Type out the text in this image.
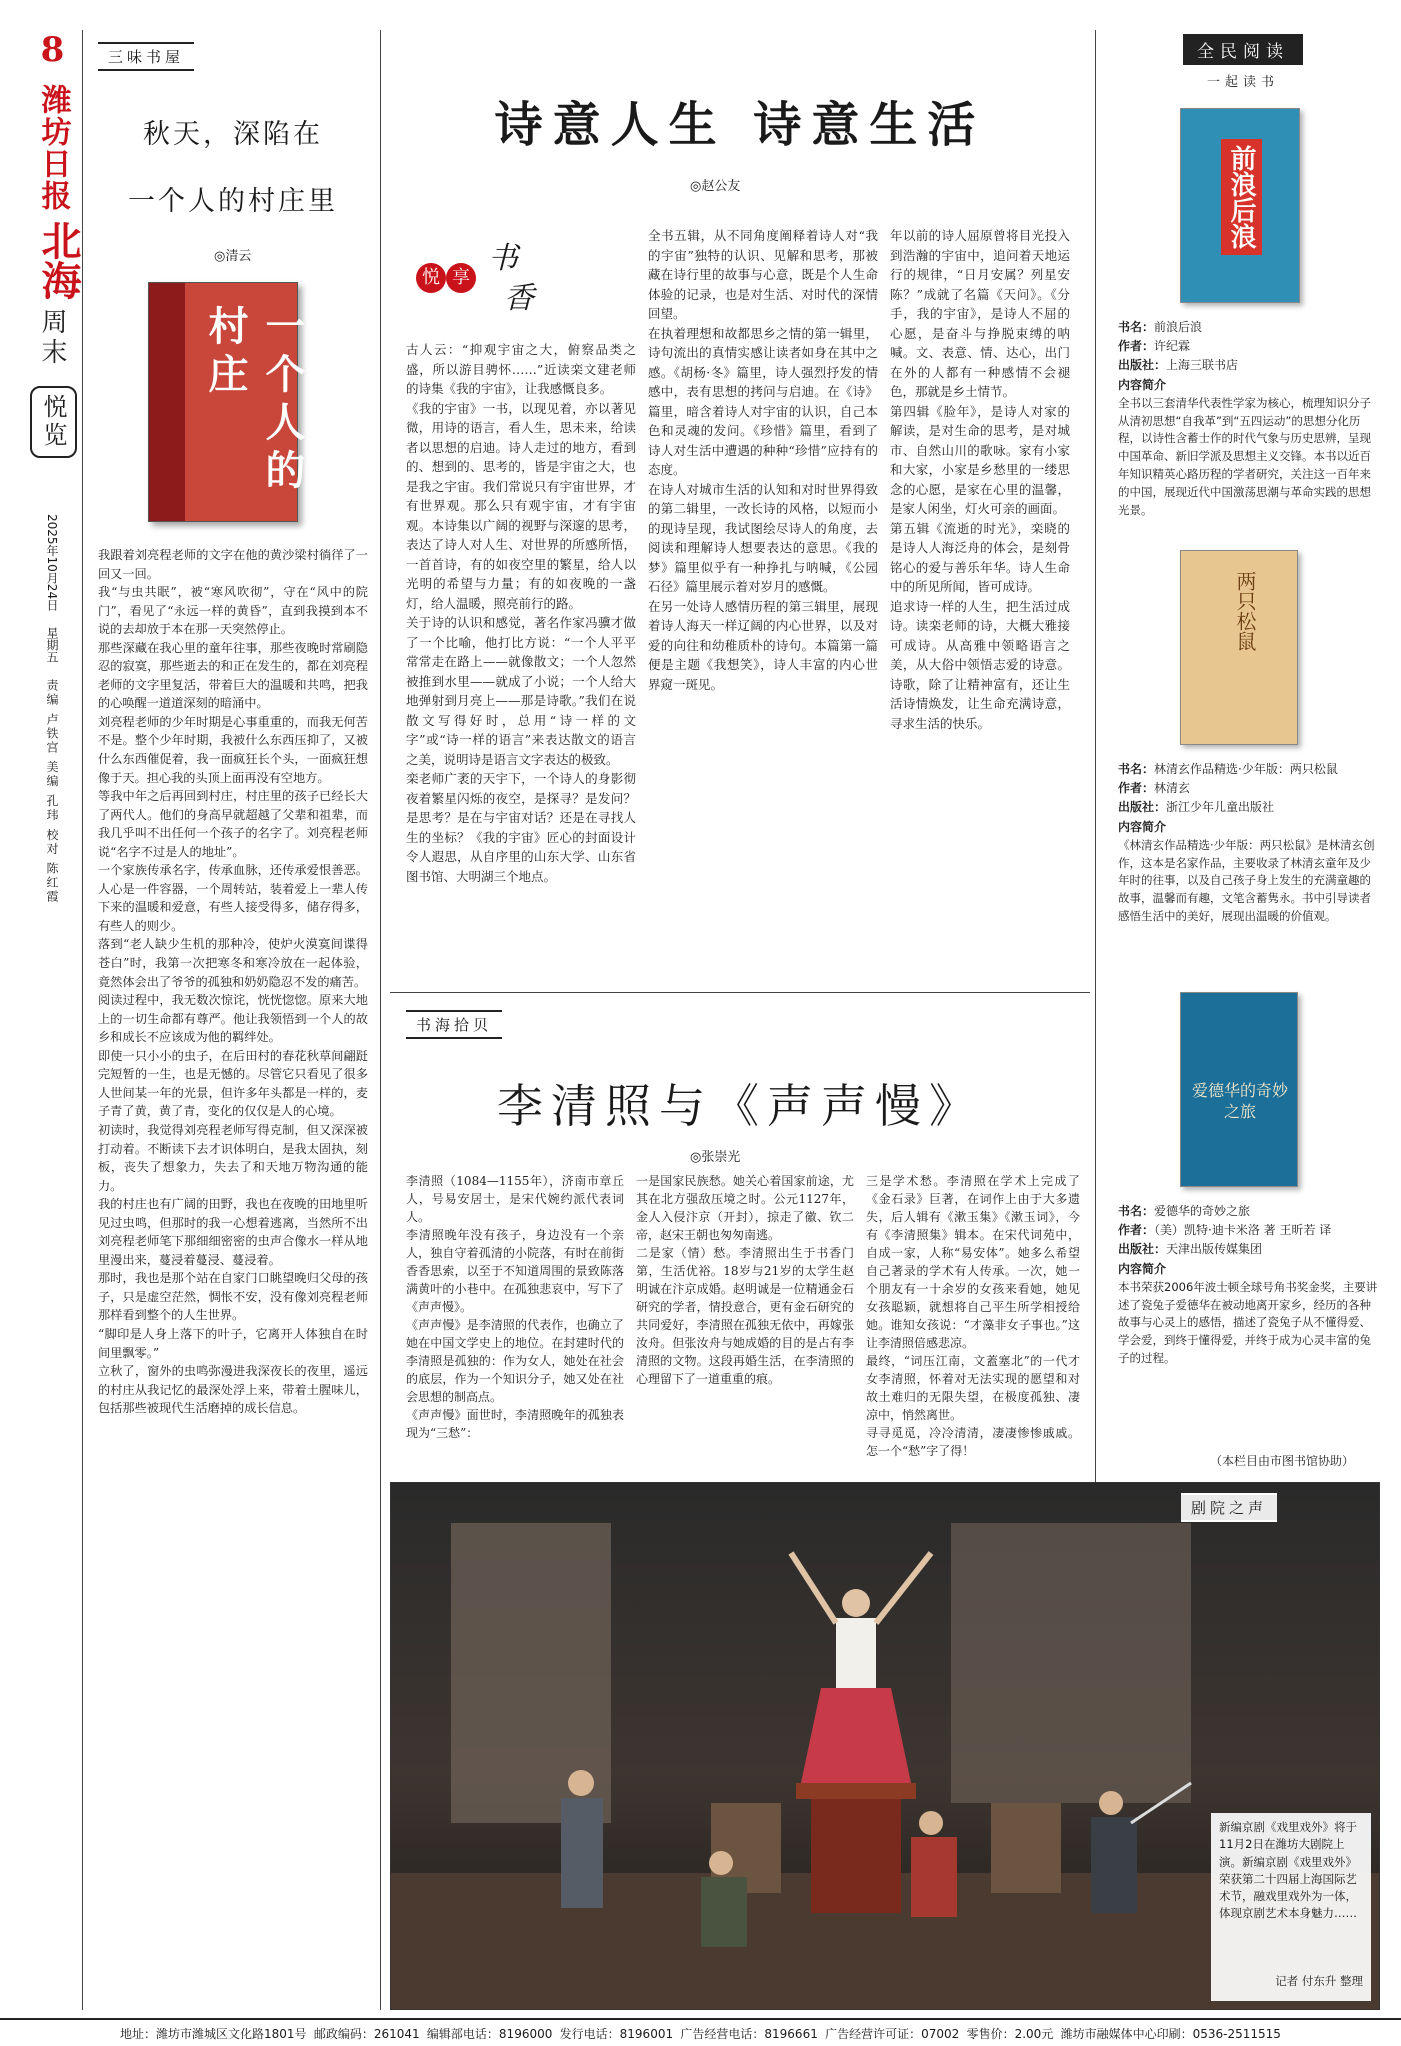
8
潍坊日报
北海
周末
悦览
2025年10月24日
星期五
责编 卢铁宫 美编 孔玮 校对 陈红霞
三味书屋
秋天，深陷在
一个人的村庄里
◎清云
一个人的村庄
我跟着刘亮程老师的文字在他的黄沙梁村徜徉了一回又一回。
我“与虫共眠”，被“寒风吹彻”，守在“风中的院门”，看见了“永远一样的黄昏”，直到我摸到本不说的去却放于本在那一天突然停止。
那些深藏在我心里的童年往事，那些夜晚时常刷隐忍的寂寞，那些逝去的和正在发生的，都在刘亮程老师的文字里复活，带着巨大的温暖和共鸣，把我的心唤醒一道道深刻的暗涌中。
刘亮程老师的少年时期是心事重重的，而我无何苦不是。整个少年时期，我被什么东西压抑了，又被什么东西催促着，我一面疯狂长个头，一面疯狂想像于天。担心我的头顶上面再没有空地方。
等我中年之后再回到村庄，村庄里的孩子已经长大了两代人。他们的身高早就超越了父辈和祖辈，而我几乎叫不出任何一个孩子的名字了。刘亮程老师说“名字不过是人的地址”。
一个家族传承名字，传承血脉，还传承爱恨善恶。人心是一件容器，一个周转站，装着爱上一辈人传下来的温暖和爱意，有些人接受得多，储存得多，有些人的则少。
落到“老人缺少生机的那种冷，使炉火漠寞间谍得苍白”时，我第一次把寒冬和寒冷放在一起体验，竟然体会出了爷爷的孤独和奶奶隐忍不发的痛苦。
阅读过程中，我无数次惊诧，恍恍惚惚。原来大地上的一切生命都有尊严。他让我领悟到一个人的故乡和成长不应该成为他的羁绊处。
即使一只小小的虫子，在后田村的春花秋草间翩跹完短暂的一生，也是无憾的。尽管它只看见了很多人世间某一年的光景，但许多年头都是一样的，麦子青了黄，黄了青，变化的仅仅是人的心境。
初读时，我觉得刘亮程老师写得克制，但又深深被打动着。不断读下去才识体明白，是我太固执，刻板，丧失了想象力，失去了和天地万物沟通的能力。
我的村庄也有广阔的田野，我也在夜晚的田地里听见过虫鸣，但那时的我一心想着逃离，当然所不出刘亮程老师笔下那细细密密的虫声合像水一样从地里漫出来，蔓浸着蔓浸、蔓浸着。
那时，我也是那个站在自家门口眺望晚归父母的孩子，只是虚空茫然，惆怅不安，没有像刘亮程老师那样看到整个的人生世界。
“脚印是人身上落下的叶子，它离开人体独自在时间里飘零。”
立秋了，窗外的虫鸣弥漫进我深夜长的夜里，遥远的村庄从我记忆的最深处浮上来，带着土腥味儿，包括那些被现代生活磨掉的成长信息。
诗意人生 诗意生活
◎赵公友
悦 享
书
香
古人云：“抑观宇宙之大，俯察品类之盛，所以游目骋怀……”近读栾文建老师的诗集《我的宇宙》，让我感慨良多。
《我的宇宙》一书，以现见着，亦以著见微，用诗的语言，看人生，思未来，给读者以思想的启迪。诗人走过的地方，看到的、想到的、思考的，皆是宇宙之大，也是我之宇宙。我们常说只有宇宙世界，才有世界观。那么只有观宇宙，才有宇宙观。本诗集以广阔的视野与深邃的思考，表达了诗人对人生、对世界的所感所悟，一首首诗，有的如夜空里的繁星，给人以光明的希望与力量；有的如夜晚的一盏灯，给人温暖，照亮前行的路。
关于诗的认识和感觉，著名作家冯骥才做了一个比喻，他打比方说：“一个人平平常常走在路上——就像散文；一个人忽然被推到水里——就成了小说；一个人给大地弹射到月亮上——那是诗歌。”我们在说散文写得好时，总用“诗一样的文字”或“诗一样的语言”来表达散文的语言之美，说明诗是语言文字表达的极致。
栾老师广袤的天宇下，一个诗人的身影彻夜着繁星闪烁的夜空，是探寻？是发问？是思考？是在与宇宙对话？还是在寻找人生的坐标？《我的宇宙》匠心的封面设计令人遐思，从自序里的山东大学、山东省图书馆、大明湖三个地点。
全书五辑，从不同角度阐释着诗人对“我的宇宙”独特的认识、见解和思考，那被藏在诗行里的故事与心意，既是个人生命体验的记录，也是对生活、对时代的深情回望。
在执着理想和故都思乡之情的第一辑里，诗句流出的真情实感让读者如身在其中之感。《胡杨·冬》篇里，诗人强烈抒发的情感中，表有思想的拷问与启迪。在《诗》篇里，暗含着诗人对宇宙的认识，自己本色和灵魂的发问。《珍惜》篇里，看到了诗人对生活中遭遇的种种“珍惜”应持有的态度。
在诗人对城市生活的认知和对时世界得致的第二辑里，一改长诗的风格，以短而小的现诗呈现，我试图绘尽诗人的角度，去阅读和理解诗人想要表达的意思。《我的梦》篇里似乎有一种挣扎与呐喊，《公园石径》篇里展示着对岁月的感慨。
在另一处诗人感情历程的第三辑里，展现着诗人海天一样辽阔的内心世界，以及对爱的向往和幼稚质朴的诗句。本篇第一篇便是主题《我想笑》，诗人丰富的内心世界窥一斑见。
年以前的诗人屈原曾将目光投入到浩瀚的宇宙中，追问着天地运行的规律，“日月安属？列星安陈？”成就了名篇《天问》。《分手，我的宇宙》，是诗人不屈的心愿，是奋斗与挣脱束缚的呐喊。文、表意、情、达心，出门在外的人都有一种感情不会褪色，那就是乡土情节。
第四辑《脸年》，是诗人对家的解读，是对生命的思考，是对城市、自然山川的歌咏。家有小家和大家，小家是乡愁里的一缕思念的心愿，是家在心里的温馨，是家人闲坐，灯火可亲的画面。
第五辑《流逝的时光》，栾晓的是诗人人海泛舟的体会，是刻骨铭心的爱与善乐年华。诗人生命中的所见所闻，皆可成诗。
追求诗一样的人生，把生活过成诗。读栾老师的诗，大概大雅接可成诗。从高雅中领略语言之美，从大俗中领悟志爱的诗意。诗歌，除了让精神富有，还让生活诗情焕发，让生命充满诗意，寻求生活的快乐。
书海拾贝
李清照与《声声慢》
◎张崇光
李清照（1084—1155年），济南市章丘人，号易安居士，是宋代婉约派代表词人。
李清照晚年没有孩子，身边没有一个亲人，独自守着孤清的小院落，有时在前街香香思索，以至于不知道周围的景致陈落满黄叶的小巷中。在孤独悲哀中，写下了《声声慢》。
《声声慢》是李清照的代表作，也确立了她在中国文学史上的地位。在封建时代的李清照是孤独的：作为女人，她处在社会的底层，作为一个知识分子，她又处在社会思想的制高点。
《声声慢》面世时，李清照晚年的孤独表现为“三愁”：
一是国家民族愁。她关心着国家前途，尤其在北方强敌压境之时。公元1127年，金人入侵汴京（开封），掠走了徽、钦二帝，赵宋王朝也匆匆南逃。
二是家（情）愁。李清照出生于书香门第，生活优裕。18岁与21岁的太学生赵明诚在汴京成婚。赵明诚是一位精通金石研究的学者，情投意合，更有金石研究的共同爱好，李清照在孤独无依中，再嫁张汝舟。但张汝舟与她成婚的目的是占有李清照的文物。这段再婚生活，在李清照的心理留下了一道重重的痕。
三是学术愁。李清照在学术上完成了《金石录》巨著，在词作上由于大多遗失，后人辑有《漱玉集》《漱玉词》，今有《李清照集》辑本。在宋代词苑中，自成一家，人称“易安体”。她多么希望自己著录的学术有人传承。一次，她一个朋友有一十余岁的女孩来看她，她见女孩聪颖，就想将自己平生所学相授给她。谁知女孩说：“才藻非女子事也。”这让李清照倍感悲凉。
最终，“词压江南，文蓋塞北”的一代才女李清照，怀着对无法实现的愿望和对故土难归的无限失望，在极度孤独、凄凉中，悄然离世。
寻寻觅觅，冷冷清清，凄凄惨惨戚戚。怎一个“愁”字了得！
全民阅读
一起读书
前浪后浪
书名：前浪后浪
作者：许纪霖
出版社：上海三联书店
内容简介
全书以三套清华代表性学家为核心，梳理知识分子从清初思想“自我革”到“五四运动”的思想分化历程，以诗性含蓄士作的时代气象与历史思辨，呈现中国革命、新旧学派及思想主义交锋。本书以近百年知识精英心路历程的学者研究，关注这一百年来的中国，展现近代中国激荡思潮与革命实践的思想光景。
两只松鼠
书名：林清玄作品精选·少年版：两只松鼠
作者：林清玄
出版社：浙江少年儿童出版社
内容简介
《林清玄作品精选·少年版：两只松鼠》是林清玄创作，这本是名家作品，主要收录了林清玄童年及少年时的往事，以及自己孩子身上发生的充满童趣的故事，温馨而有趣，文笔含蓄隽永。书中引导读者感悟生活中的美好，展现出温暖的价值观。
爱德华的奇妙之旅
书名：爱德华的奇妙之旅
作者：（美）凯特·迪卡米洛 著 王昕若 译
出版社：天津出版传媒集团
内容简介
本书荣获2006年波士顿全球号角书奖金奖，主要讲述了瓷兔子爱德华在被动地离开家乡，经历的各种故事与心灵上的感悟，描述了瓷兔子从不懂得爱、学会爱，到终于懂得爱，并终于成为心灵丰富的兔子的过程。
（本栏目由市图书馆协助）
剧院之声
新编京剧《戏里戏外》将于11月2日在潍坊大剧院上演。新编京剧《戏里戏外》荣获第二十四届上海国际艺术节，融戏里戏外为一体，体现京剧艺术本身魅力……
记者 付东升 整理
地址：潍坊市潍城区文化路1801号 邮政编码：261041 编辑部电话：8196000 发行电话：8196001 广告经营电话：8196661 广告经营许可证：07002 零售价：2.00元 潍坊市融媒体中心印刷：0536-2511515
